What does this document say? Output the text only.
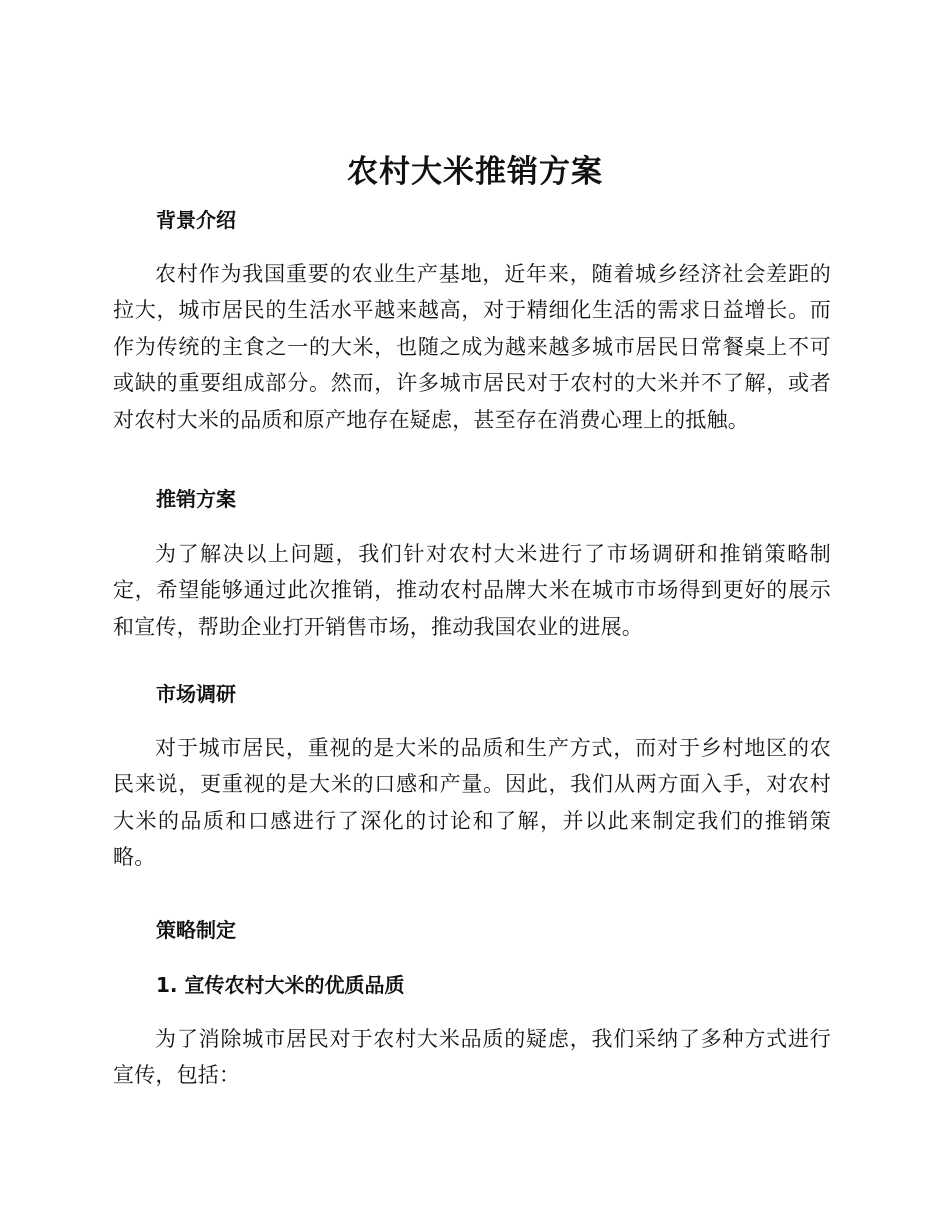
农村大米推销方案
背景介绍

农村作为我国重要的农业生产基地，近年来，随着城乡经济社会差距的拉大，城市居民的生活水平越来越高，对于精细化生活的需求日益增长。而作为传统的主食之一的大米，也随之成为越来越多城市居民日常餐桌上不可或缺的重要组成部分。然而，许多城市居民对于农村的大米并不了解，或者对农村大米的品质和原产地存在疑虑，甚至存在消费心理上的抵触。

推销方案

为了解决以上问题，我们针对农村大米进行了市场调研和推销策略制定，希望能够通过此次推销，推动农村品牌大米在城市市场得到更好的展示和宣传，帮助企业打开销售市场，推动我国农业的进展。

市场调研

对于城市居民，重视的是大米的品质和生产方式，而对于乡村地区的农民来说，更重视的是大米的口感和产量。因此，我们从两方面入手，对农村大米的品质和口感进行了深化的讨论和了解，并以此来制定我们的推销策略。

策略制定
1. 宣传农村大米的优质品质

为了消除城市居民对于农村大米品质的疑虑，我们采纳了多种方式进行宣传，包括：
